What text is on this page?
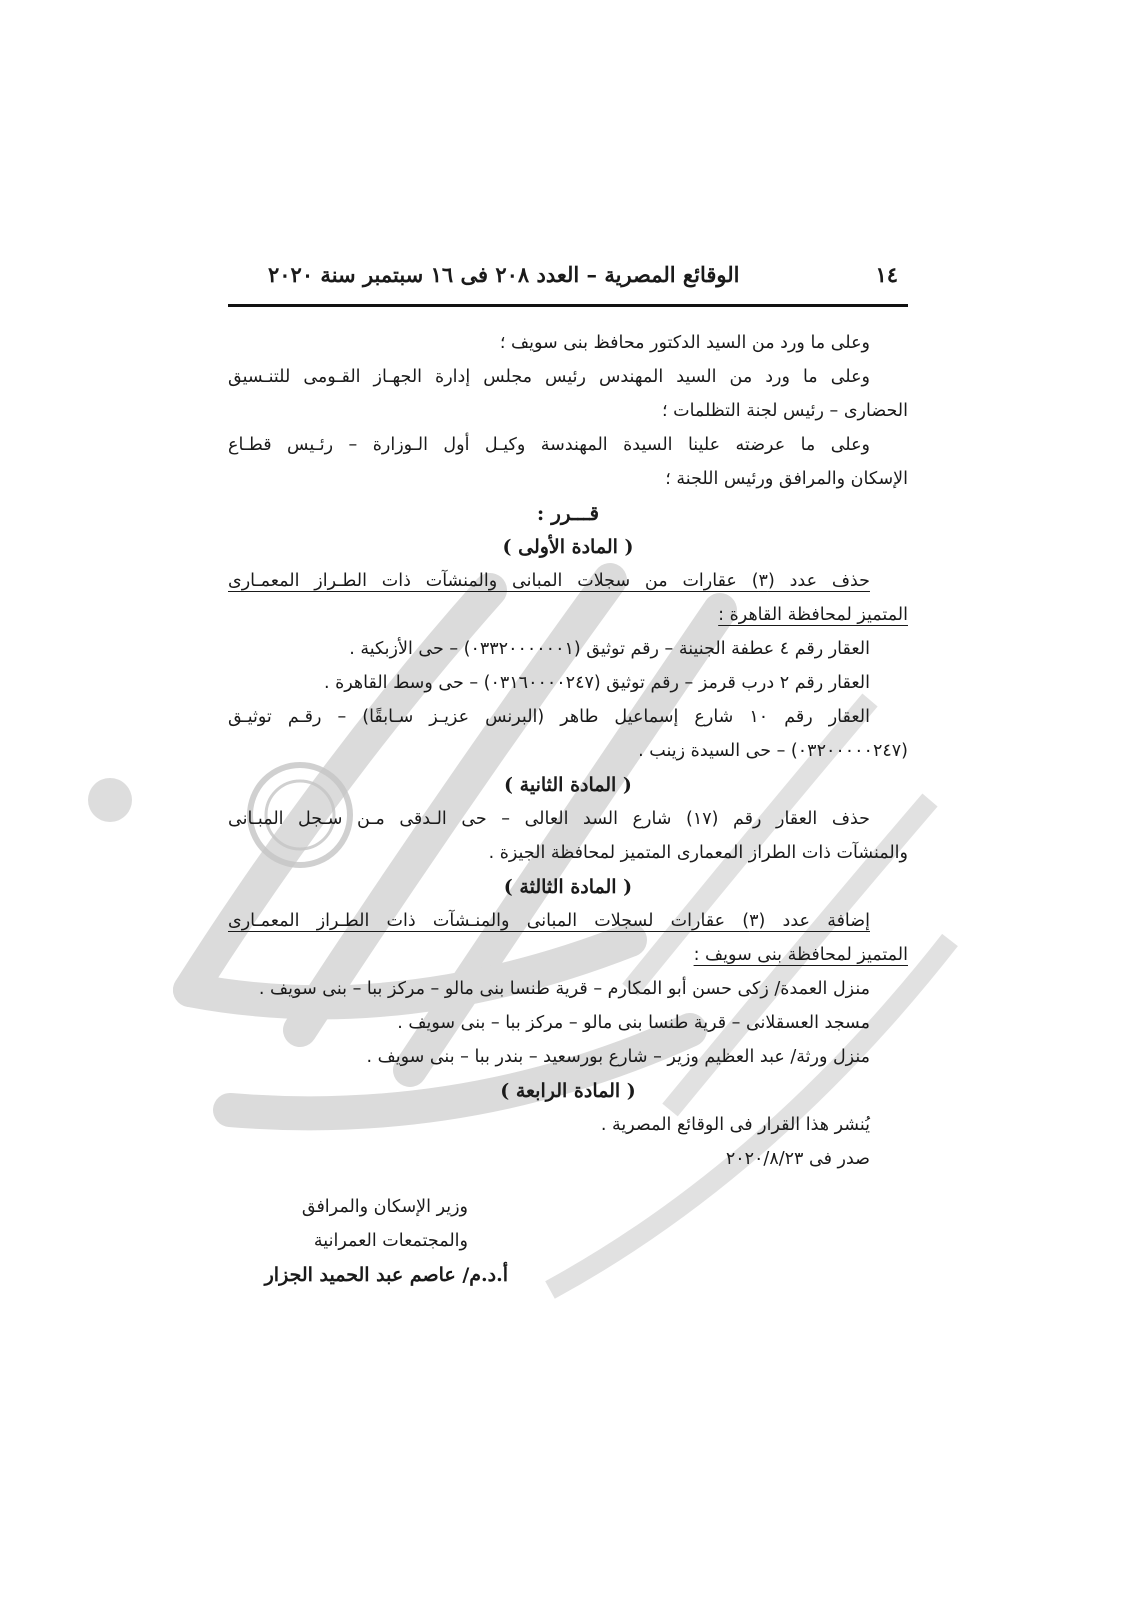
١٤
الوقائع المصرية – العدد ٢٠٨ فى ١٦ سبتمبر سنة ٢٠٢٠
وعلى ما ورد من السيد الدكتور محافظ بنى سويف ؛
وعلى ما ورد من السيد المهندس رئيس مجلس إدارة الجهـاز القـومى للتنـسيق
الحضارى – رئيس لجنة التظلمات ؛
وعلى ما عرضته علينا السيدة المهندسة وكيـل أول الـوزارة – رئـيس قطـاع
الإسكان والمرافق ورئيس اللجنة ؛
قـــرر :
( المادة الأولى )
حذف عدد (٣) عقارات من سجلات المبانى والمنشآت ذات الطـراز المعمـارى
المتميز لمحافظة القاهرة :
العقار رقم ٤ عطفة الجنينة – رقم توثيق (٠٣٣٢٠٠٠٠٠٠١) – حى الأزبكية .
العقار رقم ٢ درب قرمز – رقم توثيق (٠٣١٦٠٠٠٠٢٤٧) – حى وسط القاهرة .
العقار رقم ١٠ شارع إسماعيل طاهر (البرنس عزيـز سـابقًا) – رقـم توثيـق
(٠٣٢٠٠٠٠٠٢٤٧) – حى السيدة زينب .
( المادة الثانية )
حذف العقار رقم (١٧) شارع السد العالى – حى الـدقى مـن سـجل المبـانى
والمنشآت ذات الطراز المعمارى المتميز لمحافظة الجيزة .
( المادة الثالثة )
إضافة عدد (٣) عقارات لسجلات المبانى والمنـشآت ذات الطـراز المعمـارى
المتميز لمحافظة بنى سويف :
منزل العمدة/ زكى حسن أبو المكارم – قرية طنسا بنى مالو – مركز ببا – بنى سويف .
مسجد العسقلانى – قرية طنسا بنى مالو – مركز ببا – بنى سويف .
منزل ورثة/ عبد العظيم وزير – شارع بورسعيد – بندر ببا – بنى سويف .
( المادة الرابعة )
يُنشر هذا القرار فى الوقائع المصرية .
صدر فى ٢٠٢٠/٨/٢٣
وزير الإسكان والمرافق
والمجتمعات العمرانية
أ.د.م/ عاصم عبد الحميد الجزار
